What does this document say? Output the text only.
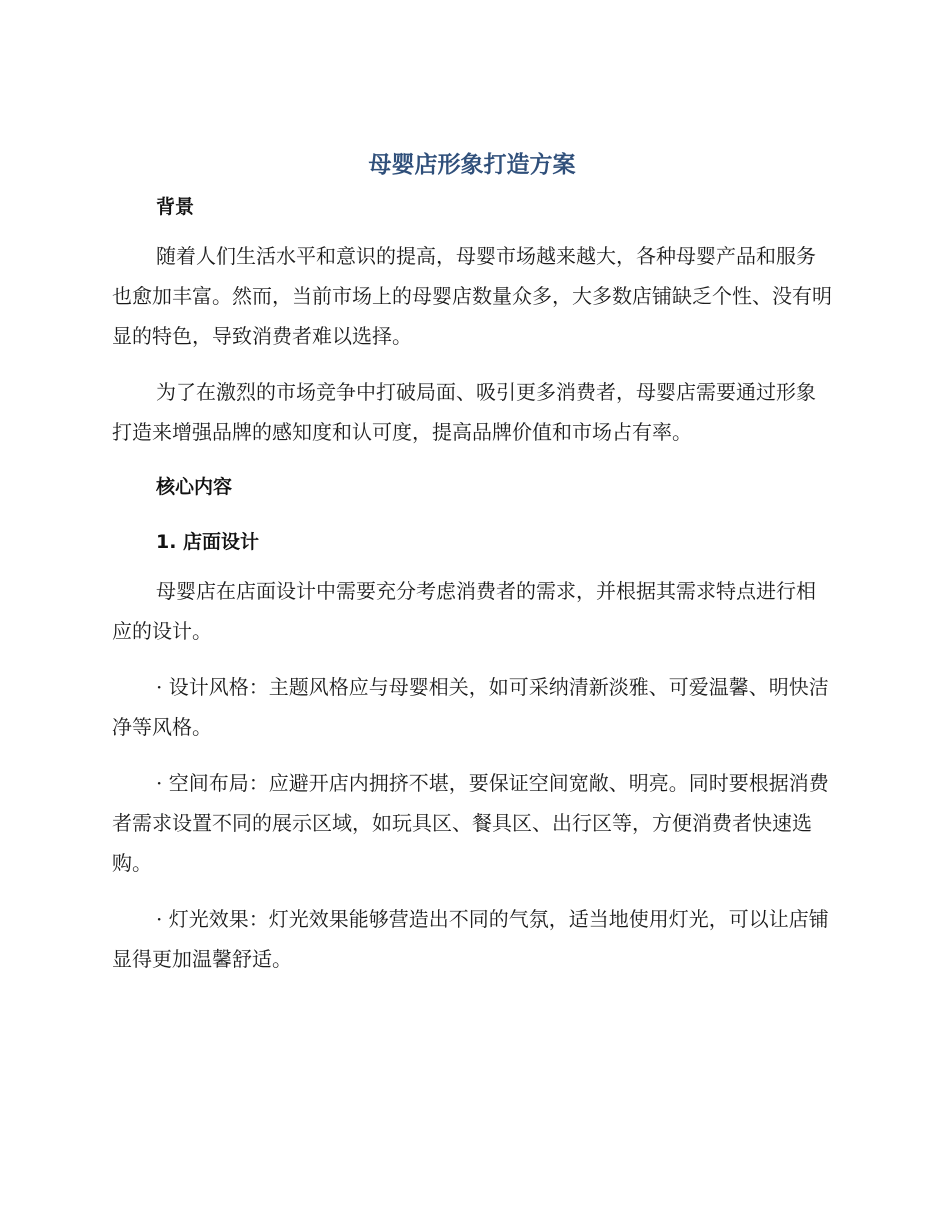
母婴店形象打造方案
背景

随着人们生活水平和意识的提高，母婴市场越来越大，各种母婴产品和服务也愈加丰富。然而，当前市场上的母婴店数量众多，大多数店铺缺乏个性、没有明显的特色，导致消费者难以选择。

为了在激烈的市场竞争中打破局面、吸引更多消费者，母婴店需要通过形象打造来增强品牌的感知度和认可度，提高品牌价值和市场占有率。

核心内容
1. 店面设计

母婴店在店面设计中需要充分考虑消费者的需求，并根据其需求特点进行相应的设计。

· 设计风格：主题风格应与母婴相关，如可采纳清新淡雅、可爱温馨、明快洁净等风格。

· 空间布局：应避开店内拥挤不堪，要保证空间宽敞、明亮。同时要根据消费者需求设置不同的展示区域，如玩具区、餐具区、出行区等，方便消费者快速选购。

· 灯光效果：灯光效果能够营造出不同的气氛，适当地使用灯光，可以让店铺显得更加温馨舒适。
